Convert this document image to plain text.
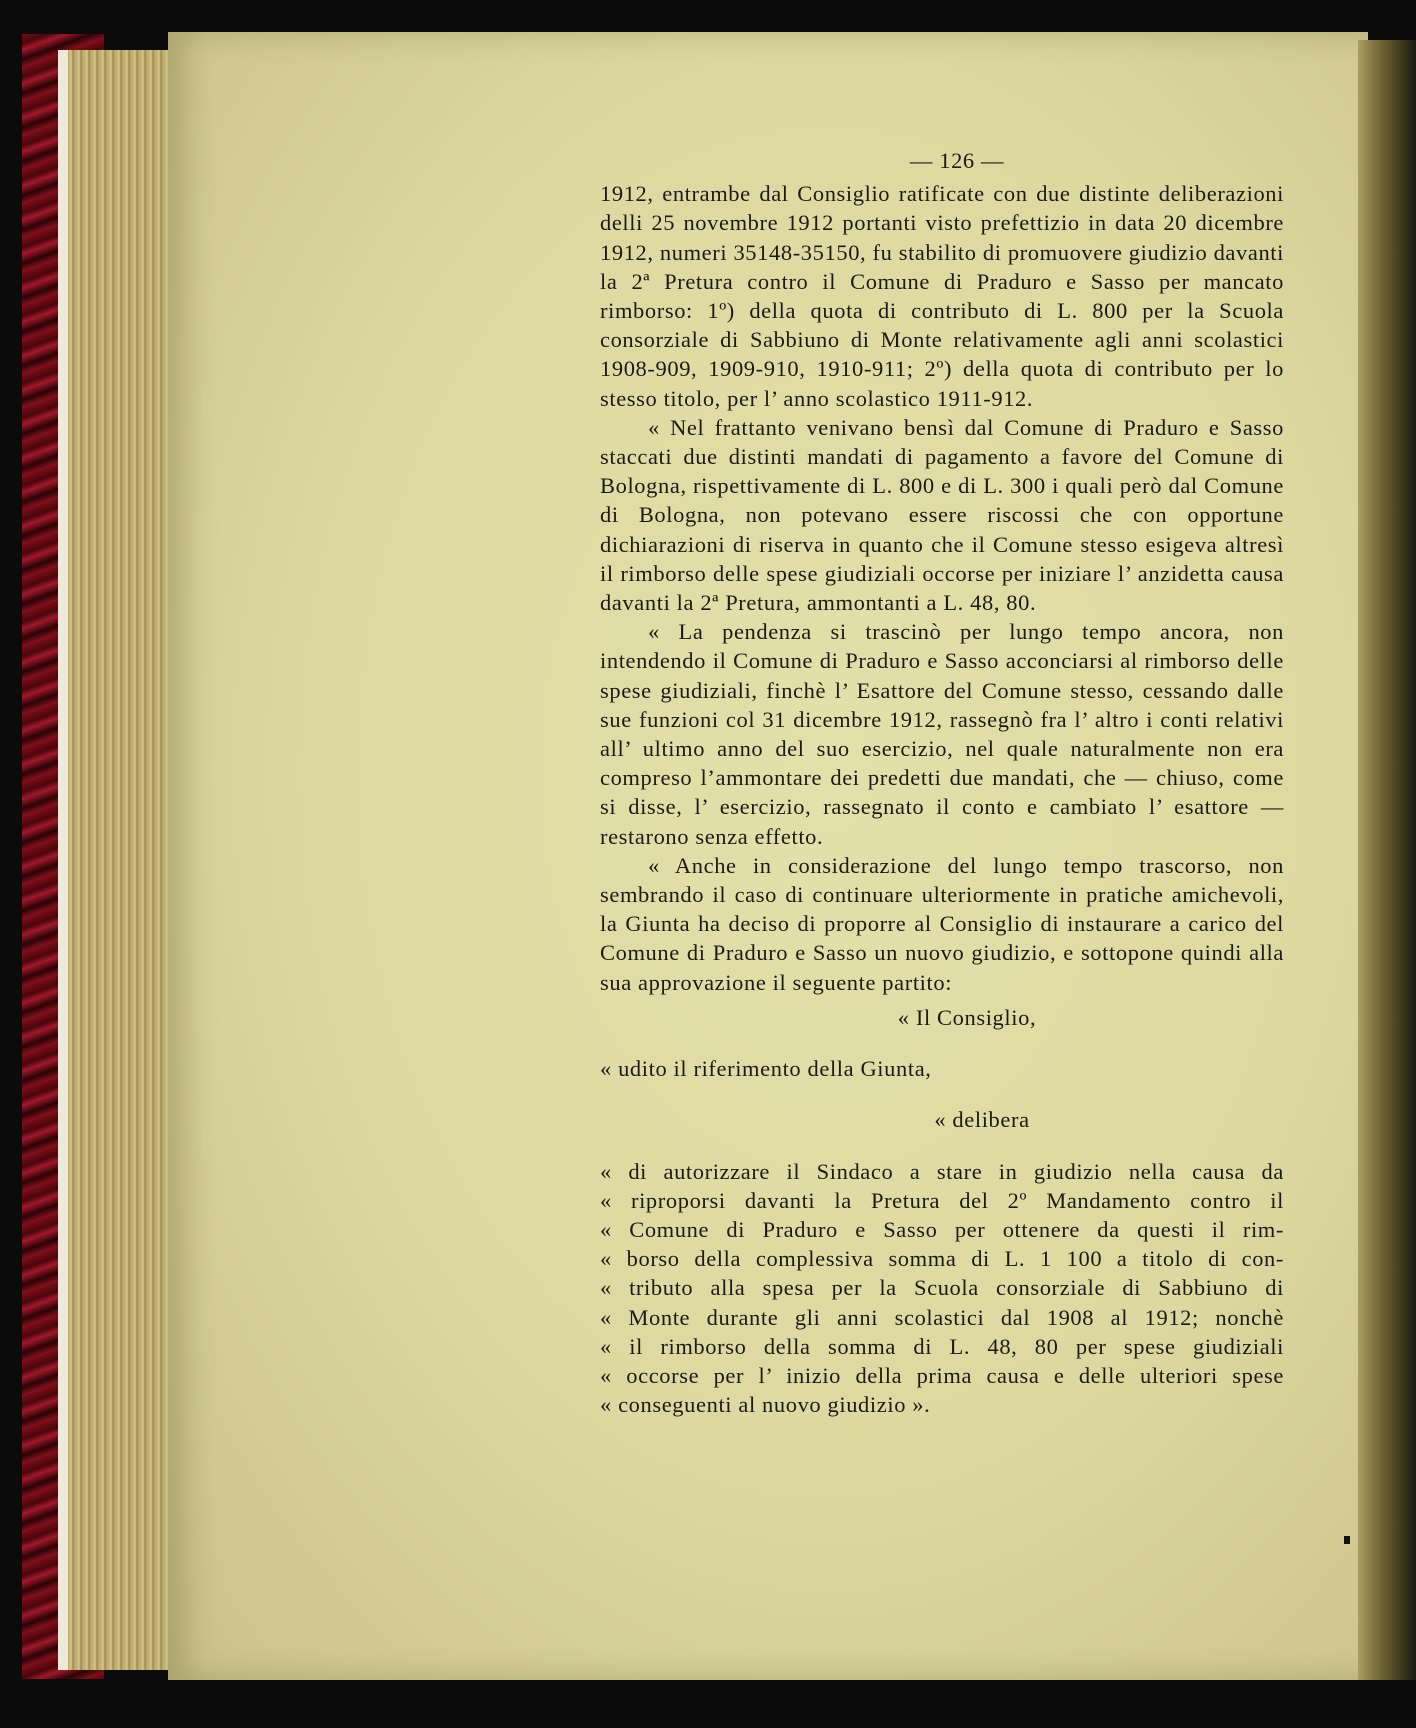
— 126 —

1912, entrambe dal Consiglio ratificate con due distinte deliberazioni delli 25 novembre 1912 portanti visto prefettizio in data 20 dicembre 1912, numeri 35148-35150, fu stabilito di promuovere giudizio davanti la 2ª Pretura contro il Comune di Praduro e Sasso per mancato rimborso: 1º) della quota di contributo di L. 800 per la Scuola consorziale di Sabbiuno di Monte relativamente agli anni scolastici 1908-909, 1909-910, 1910-911; 2º) della quota di contributo per lo stesso titolo, per l’ anno scolastico 1911-912.

« Nel frattanto venivano bensì dal Comune di Praduro e Sasso staccati due distinti mandati di pagamento a favore del Comune di Bologna, rispettivamente di L. 800 e di L. 300 i quali però dal Comune di Bologna, non potevano essere riscossi che con opportune dichiarazioni di riserva in quanto che il Comune stesso esigeva altresì il rimborso delle spese giudiziali occorse per iniziare l’ anzidetta causa davanti la 2ª Pretura, ammontanti a L. 48, 80.

« La pendenza si trascinò per lungo tempo ancora, non intendendo il Comune di Praduro e Sasso acconciarsi al rimborso delle spese giudiziali, finchè l’ Esattore del Comune stesso, cessando dalle sue funzioni col 31 dicembre 1912, rassegnò fra l’ altro i conti relativi all’ ultimo anno del suo esercizio, nel quale naturalmente non era compreso l’ammontare dei predetti due mandati, che — chiuso, come si disse, l’ esercizio, rassegnato il conto e cambiato l’ esattore — restarono senza effetto.

« Anche in considerazione del lungo tempo trascorso, non sembrando il caso di continuare ulteriormente in pratiche amichevoli, la Giunta ha deciso di proporre al Consiglio di instaurare a carico del Comune di Praduro e Sasso un nuovo giudizio, e sottopone quindi alla sua approvazione il seguente partito:

« Il Consiglio,

« udito il riferimento della Giunta,

« delibera

« di autorizzare il Sindaco a stare in giudizio nella causa da

« riproporsi davanti la Pretura del 2º Mandamento contro il

« Comune di Praduro e Sasso per ottenere da questi il rim-

« borso della complessiva somma di L. 1 100 a titolo di con-

« tributo alla spesa per la Scuola consorziale di Sabbiuno di

« Monte durante gli anni scolastici dal 1908 al 1912; nonchè

« il rimborso della somma di L. 48, 80 per spese giudiziali

« occorse per l’ inizio della prima causa e delle ulteriori spese

« conseguenti al nuovo giudizio ».
